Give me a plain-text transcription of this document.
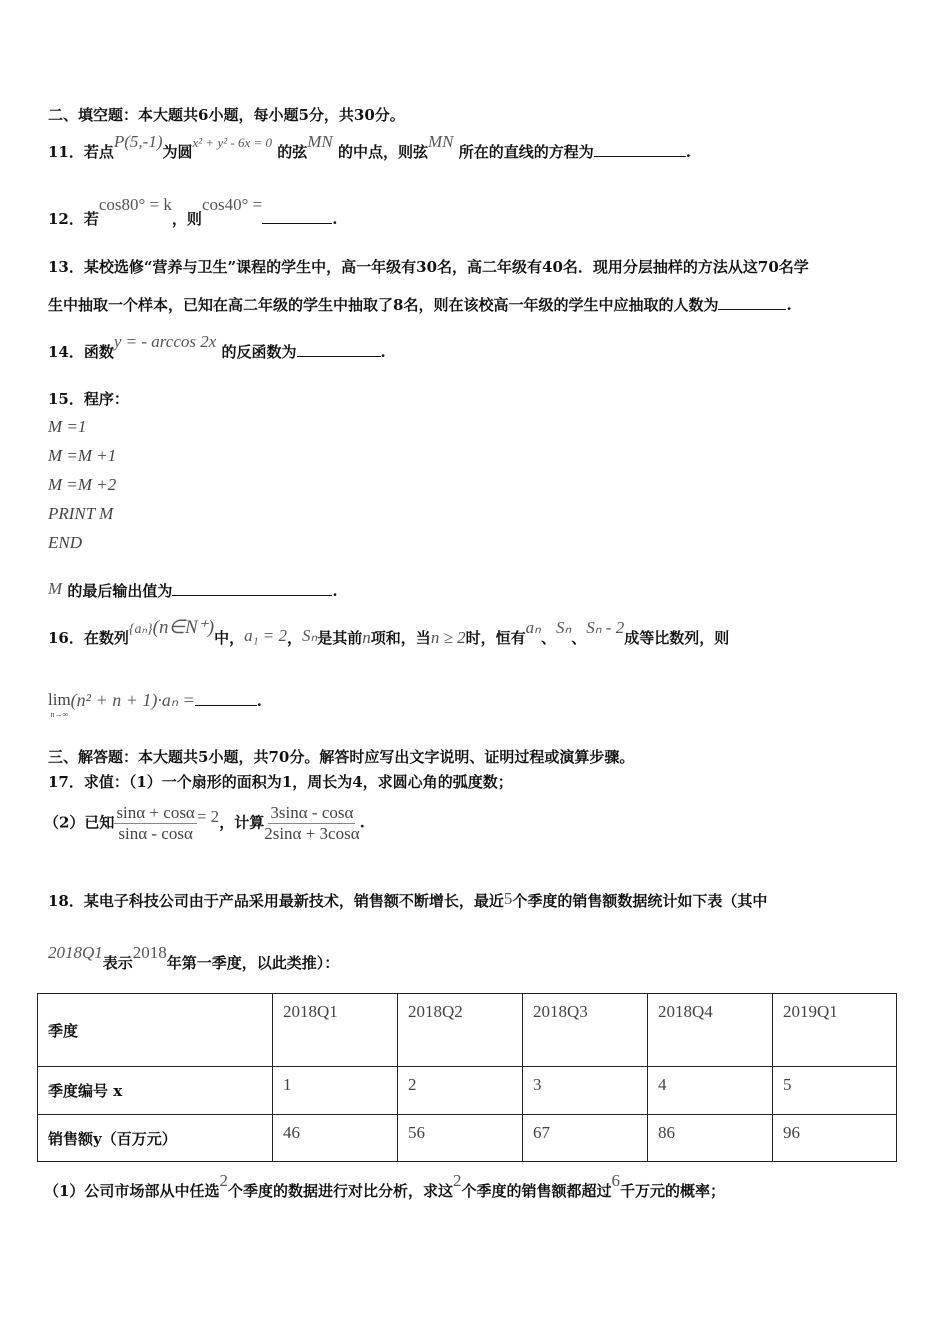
二、填空题：本大题共6小题，每小题5分，共30分。
11．若点P(5,-1)为圆x² + y² - 6x = 0 的弦MN 的中点，则弦MN 所在的直线的方程为	.
12．若cos80° = k，则cos40° =.
13．某校选修“营养与卫生”课程的学生中，高一年级有30名，高二年级有40名．现用分层抽样的方法从这70名学
生中抽取一个样本，已知在高二年级的学生中抽取了8名，则在该校高一年级的学生中应抽取的人数为	.
14．函数y = - arccos 2x 的反函数为	.
15．程序：
M =1
M =M +1
M =M +2
PRINT M
END
M 的最后输出值为	.
16．在数列{aₙ}(n∈N⁺)中，a₁ = 2，Sₙ是其前n项和，当n ≥ 2时，恒有aₙ、Sₙ、Sₙ - 2成等比数列，则
lim
n→∞
(n² + n + 1)·aₙ =	.
三、解答题：本大题共5小题，共70分。解答时应写出文字说明、证明过程或演算步骤。
17．求值：（1）一个扇形的面积为1，周长为4，求圆心角的弧度数；
（2）已知 $\frac{\sin\alpha + \cos\alpha}{\sin\alpha - \cos\alpha} = 2$，计算 $\frac{3\sin\alpha - \cos\alpha}{2\sin\alpha + 3\cos\alpha}$ .
18．某电子科技公司由于产品采用最新技术，销售额不断增长，最近5个季度的销售额数据统计如下表（其中
2018Q1表示2018年第一季度，以此类推）：
季度	2018Q1	2018Q2	2018Q3	2018Q4	2019Q1
季度编号 x	1	2	3	4	5
销售额y（百万元）	46	56	67	86	96
（1）公司市场部从中任选2个季度的数据进行对比分析，求这2个季度的销售额都超过6千万元的概率；
